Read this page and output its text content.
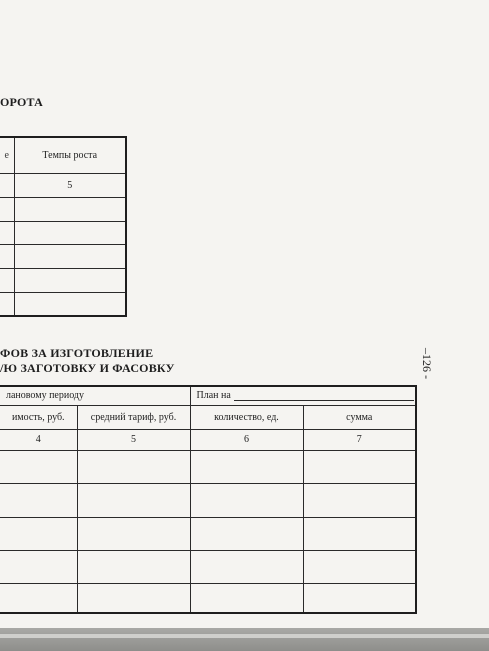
ОРОТА
е	Темпы роста
	5

ФОВ ЗА ИЗГОТОВЛЕНИЕ
/Ю ЗАГОТОВКУ И ФАСОВКУ
лановому периоду		План на	
имость, руб.	средний тариф, руб.	количество, ед.	сумма
4	5	6	7

–126 -
